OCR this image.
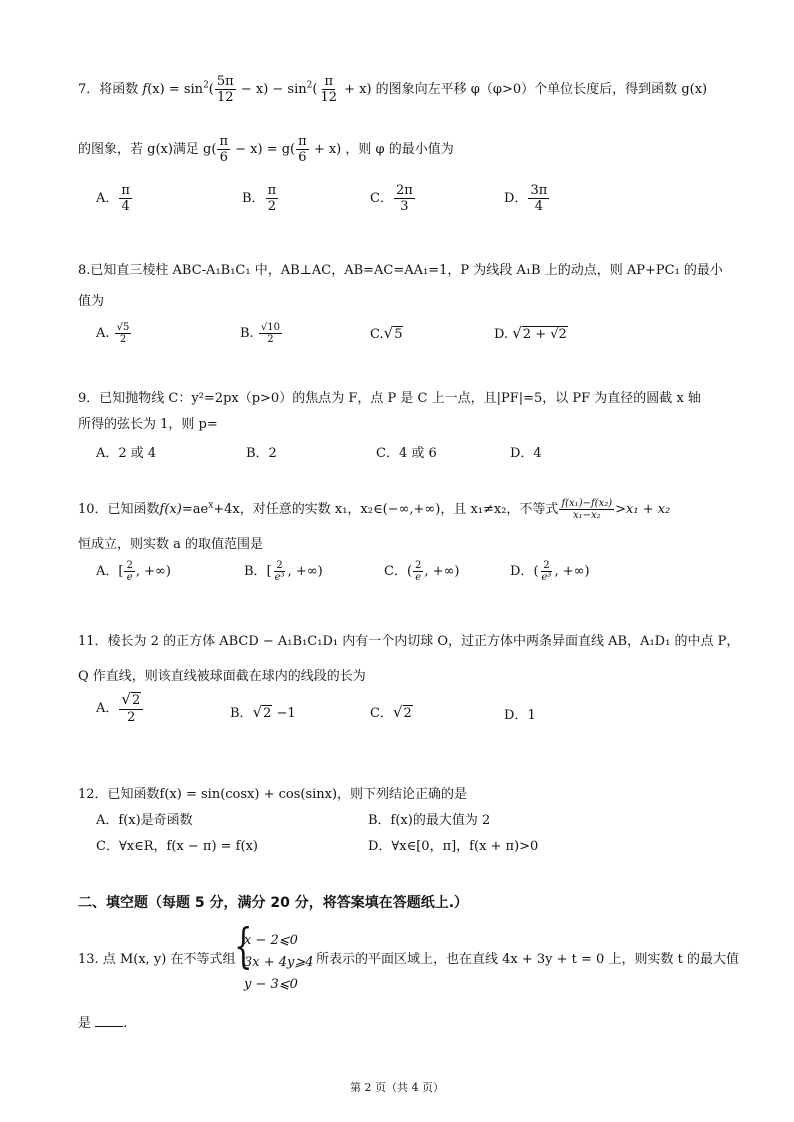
7．将函数 $f(x) = \sin^2( \frac{5\pi}{12} - x) - \sin^2( \frac{\pi}{12} + x)$ 的图象向左平移 φ（φ>0）个单位长度后，得到函数 g(x)
的图象，若 g(x)满足 $g( \frac{\pi}{6} - x) = g( \frac{\pi}{6} + x)$ ，则 φ 的最小值为
A． $\frac{\pi}{4}$	B． $\frac{\pi}{2}$	C． $\frac{2\pi}{3}$	D． $\frac{3\pi}{4}$
8.已知直三棱柱 ABC-A₁B₁C₁ 中，AB⊥AC，AB=AC=AA₁=1，P 为线段 A₁B 上的动点，则 AP+PC₁ 的最小
值为
A. $\frac{√5}{2}$	B. $\frac{√10}{2}$	C. √ 5	D. √ 2 + √2
9．已知抛物线 C：y²=2px（p>0）的焦点为 F，点 P 是 C 上一点，且|PF|=5，以 PF 为直径的圆截 x 轴
所得的弦长为 1，则 p=
A．2 或 4	B．2	C．4 或 6	D．4
10．已知函数$f(x)=ae^x+4x$，对任意的实数 x₁，x₂∈(−∞,+∞)，且 x₁≠x₂，不等式 $\frac{\text{f(x₁)−f(x₂)}}{\text{x₁−x₂}} >x_1 + x_2$
恒成立，则实数 a 的取值范围是
A．[ $\frac{2}{e}$ , +∞)	B．[ $\frac{2}{\text{e³}}$ , +∞)	C．( $\frac{2}{e}$ , +∞)	D．( $\frac{2}{\text{e³}}$ , +∞)
11．棱长为 2 的正方体 ABCD − A₁B₁C₁D₁ 内有一个内切球 O，过正方体中两条异面直线 AB，A₁D₁ 的中点 P，
Q 作直线，则该直线被球面截在球内的线段的长为
A． $\frac{√ 2}{2}$	B． √ 2 −1	C． √ 2	D．1
12．已知函数f(x) = sin(cosx) + cos(sinx)，则下列结论正确的是
A．f(x)是奇函数	B．f(x)的最大值为 2
C．∀x∈R，f(x − π) = f(x)	D．∀x∈[0，π]，f(x + π)>0
二、填空题（每题 5 分，满分 20 分，将答案填在答题纸上.）
13. 点 M(x, y) 在不等式组
{
x − 2⩽0
3x + 4y⩾4
y − 3⩽0
所表示的平面区域上，也在直线 4x + 3y + t = 0 上，则实数 t 的最大值
是 .
第 2 页（共 4 页）
